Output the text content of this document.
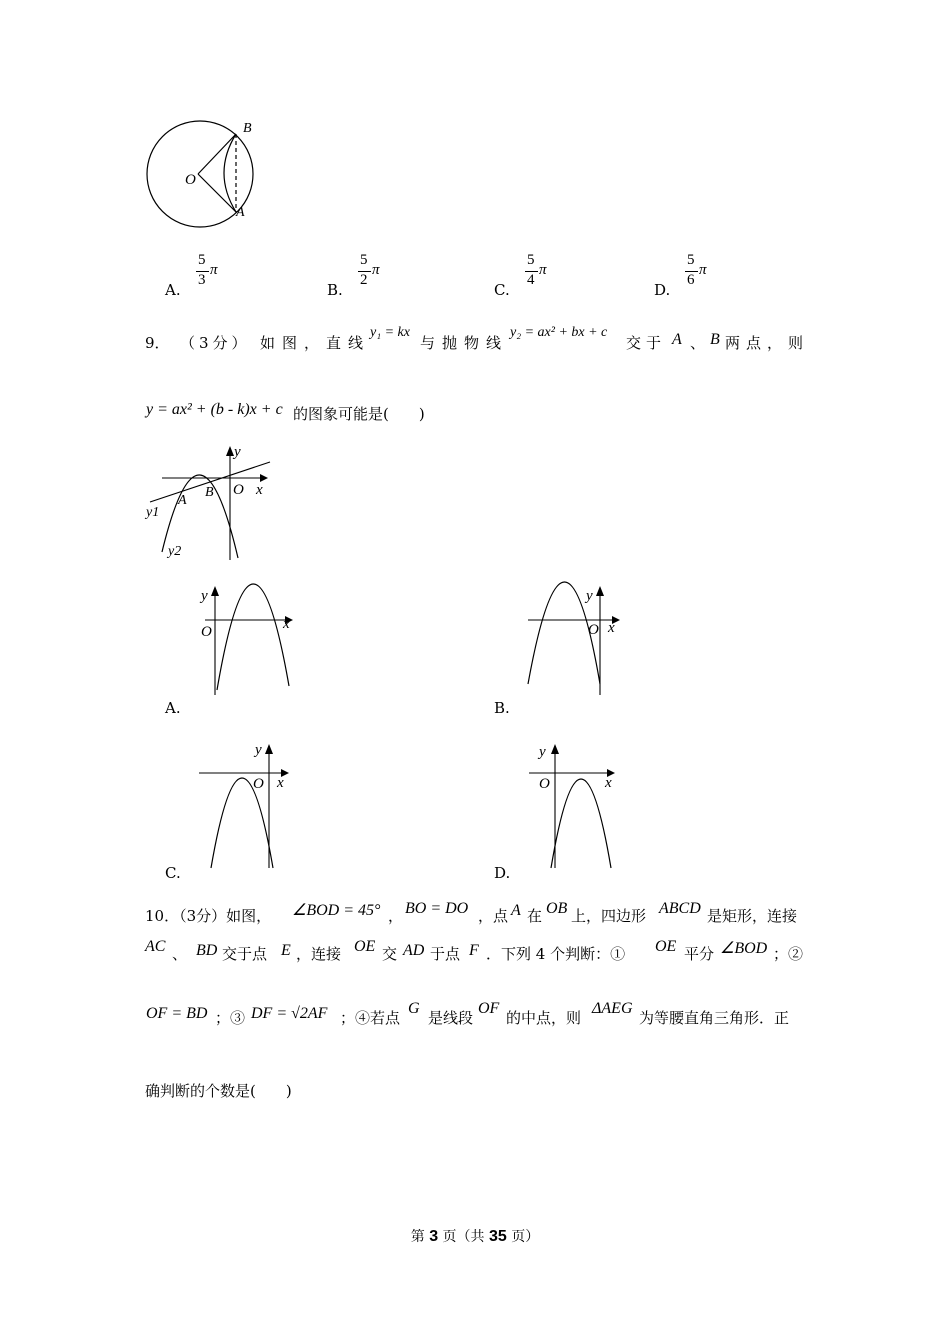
B
O
A
A.
5
3
π
B.
5
2
π
C.
5
4
π
D.
5
6
π
9． （3分） 如图，直线
y₁ = kx
与抛物线
y₂ = ax² + bx + c
交于 A 、 B 两点，则
y = ax² + (b - k)x + c 的图象可能是(　　)
y
O x
A
B
y1
y2
y
O	x
A.
y
O x
B.
y
O x
C.
y
O	x
D.
10．（3分）如图， ∠BOD = 45° ， BO = DO ，点 A 在 OB 上，四边形 ABCD 是矩形，连接
AC 、 BD 交于点 E ，连接 OE 交 AD 于点 F ．下列 4 个判断：① OE 平分 ∠BOD ；②
OF = BD ；③ DF = √2AF ；④若点
G
是线段
OF
的中点，则
ΔAEG
为等腰直角三角形．正
确判断的个数是(　　)
第 3 页（共 35 页）
